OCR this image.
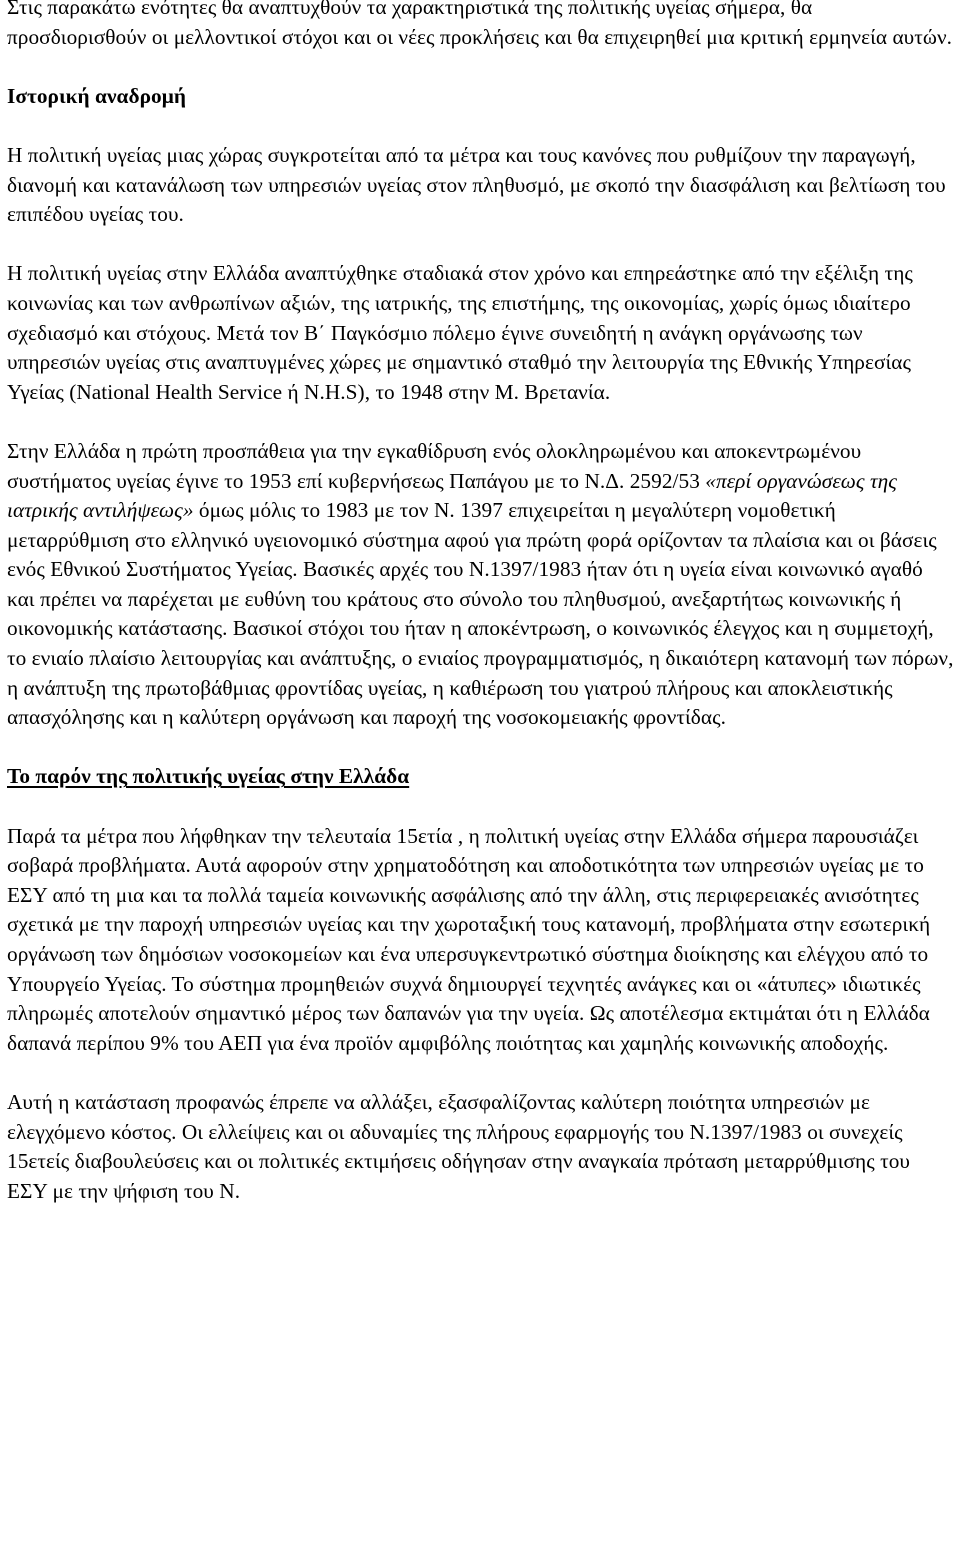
Στις παρακάτω ενότητες θα αναπτυχθούν τα χαρακτηριστικά της πολιτικής υγείας σήμερα, θα προσδιορισθούν οι μελλοντικοί στόχοι και οι νέες προκλήσεις και θα επιχειρηθεί μια κριτική ερμηνεία αυτών.

Ιστορική αναδρομή

Η πολιτική υγείας μιας χώρας συγκροτείται από τα μέτρα και τους κανόνες που ρυθμίζουν την παραγωγή, διανομή και κατανάλωση των υπηρεσιών υγείας στον πληθυσμό, με σκοπό την διασφάλιση και βελτίωση του επιπέδου υγείας του.

Η πολιτική υγείας στην Ελλάδα αναπτύχθηκε σταδιακά στον χρόνο και επηρεάστηκε από την εξέλιξη της κοινωνίας και των ανθρωπίνων αξιών, της ιατρικής, της επιστήμης, της οικονομίας, χωρίς όμως ιδιαίτερο σχεδιασμό και στόχους. Μετά τον Β΄ Παγκόσμιο πόλεμο έγινε συνειδητή η ανάγκη οργάνωσης των υπηρεσιών υγείας στις αναπτυγμένες χώρες με σημαντικό σταθμό την λειτουργία της Εθνικής Υπηρεσίας Υγείας (National Health Service ή N.H.S), το 1948 στην Μ. Βρετανία.

Στην Ελλάδα η πρώτη προσπάθεια για την εγκαθίδρυση ενός ολοκληρωμένου και αποκεντρωμένου συστήματος υγείας έγινε το 1953 επί κυβερνήσεως Παπάγου με το Ν.Δ. 2592/53 «περί οργανώσεως της ιατρικής αντιλήψεως» όμως μόλις το 1983 με τον Ν. 1397 επιχειρείται η μεγαλύτερη νομοθετική μεταρρύθμιση στο ελληνικό υγειονομικό σύστημα αφού για πρώτη φορά ορίζονταν τα πλαίσια και οι βάσεις ενός Εθνικού Συστήματος Υγείας. Βασικές αρχές του Ν.1397/1983 ήταν ότι η υγεία είναι κοινωνικό αγαθό και πρέπει να παρέχεται με ευθύνη του κράτους στο σύνολο του πληθυσμού, ανεξαρτήτως κοινωνικής ή οικονομικής κατάστασης. Βασικοί στόχοι του ήταν η αποκέντρωση, ο κοινωνικός έλεγχος και η συμμετοχή, το ενιαίο πλαίσιο λειτουργίας και ανάπτυξης, ο ενιαίος προγραμματισμός, η δικαιότερη κατανομή των πόρων, η ανάπτυξη της πρωτοβάθμιας φροντίδας υγείας, η καθιέρωση του γιατρού πλήρους και αποκλειστικής απασχόλησης και η καλύτερη οργάνωση και παροχή της νοσοκομειακής φροντίδας.

Το παρόν της πολιτικής υγείας στην Ελλάδα

Παρά τα μέτρα που λήφθηκαν την τελευταία 15ετία , η πολιτική υγείας στην Ελλάδα σήμερα παρουσιάζει σοβαρά προβλήματα. Αυτά αφορούν στην χρηματοδότηση και αποδοτικότητα των υπηρεσιών υγείας με το ΕΣΥ από τη μια και τα πολλά ταμεία κοινωνικής ασφάλισης από την άλλη, στις περιφερειακές ανισότητες σχετικά με την παροχή υπηρεσιών υγείας και την χωροταξική τους κατανομή, προβλήματα στην εσωτερική οργάνωση των δημόσιων νοσοκομείων και ένα υπερσυγκεντρωτικό σύστημα διοίκησης και ελέγχου από το Υπουργείο Υγείας. Το σύστημα προμηθειών συχνά δημιουργεί τεχνητές ανάγκες και οι «άτυπες» ιδιωτικές πληρωμές αποτελούν σημαντικό μέρος των δαπανών για την υγεία. Ως αποτέλεσμα εκτιμάται ότι η Ελλάδα δαπανά περίπου 9% του ΑΕΠ για ένα προϊόν αμφιβόλης ποιότητας και χαμηλής κοινωνικής αποδοχής.

Αυτή η κατάσταση προφανώς έπρεπε να αλλάξει, εξασφαλίζοντας καλύτερη ποιότητα υπηρεσιών με ελεγχόμενο κόστος. Οι ελλείψεις και οι αδυναμίες της πλήρους εφαρμογής του Ν.1397/1983 οι συνεχείς 15ετείς διαβουλεύσεις και οι πολιτικές εκτιμήσεις οδήγησαν στην αναγκαία πρόταση μεταρρύθμισης του ΕΣΥ με την ψήφιση του Ν.
